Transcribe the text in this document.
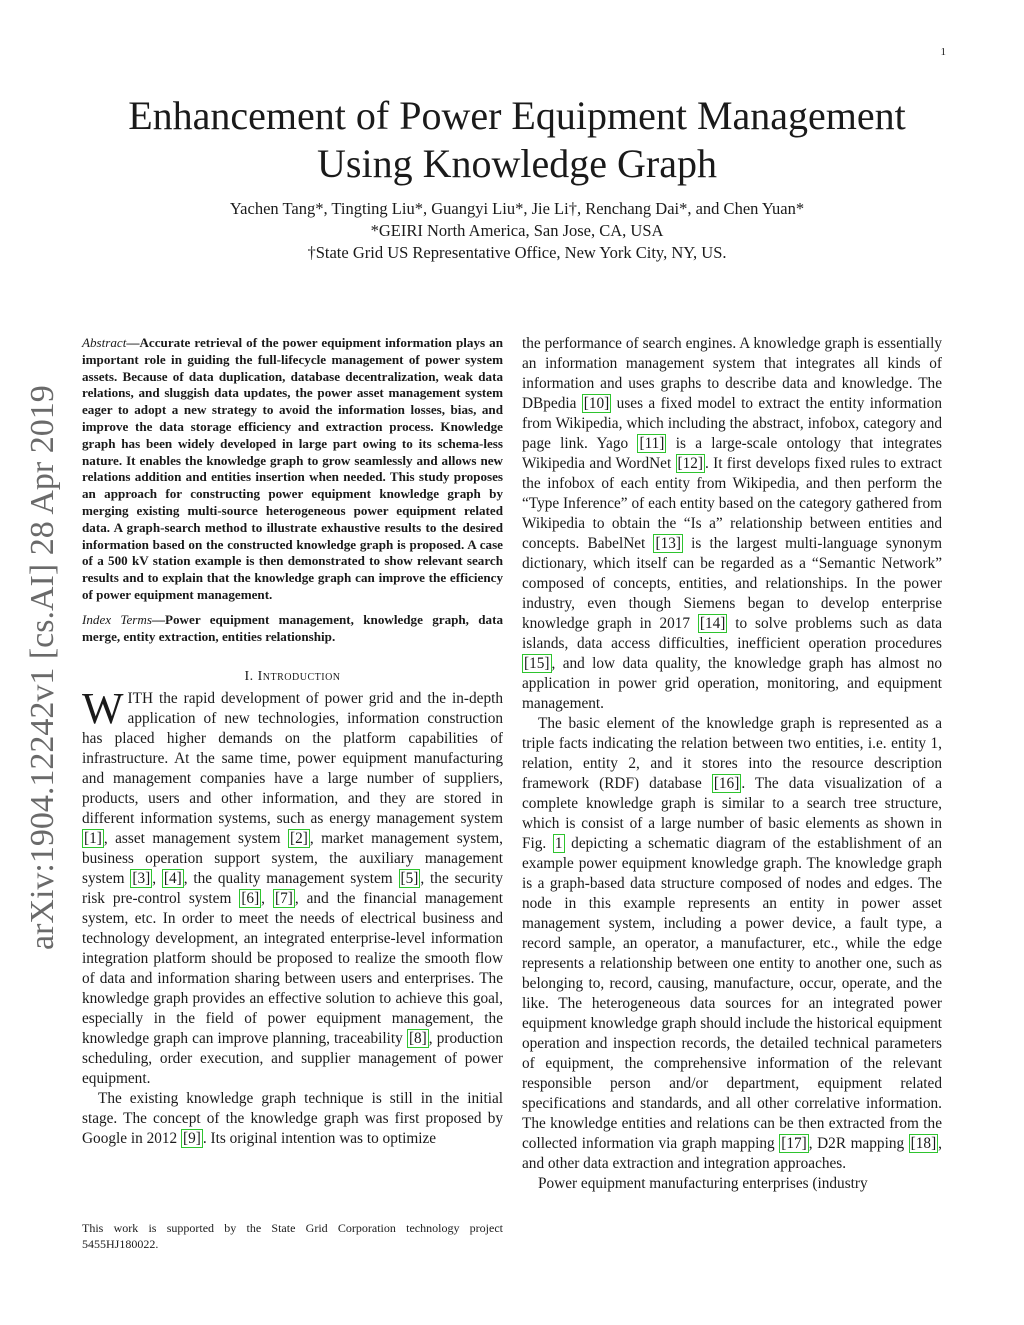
1
Enhancement of Power Equipment Management
Using Knowledge Graph
Yachen Tang*, Tingting Liu*, Guangyi Liu*, Jie Li†, Renchang Dai*, and Chen Yuan*
*GEIRI North America, San Jose, CA, USA
†State Grid US Representative Office, New York City, NY, US.
arXiv:1904.12242v1 [cs.AI] 28 Apr 2019

Abstract—Accurate retrieval of the power equipment information plays an important role in guiding the full-lifecycle management of power system assets. Because of data duplication, database decentralization, weak data relations, and sluggish data updates, the power asset management system eager to adopt a new strategy to avoid the information losses, bias, and improve the data storage efficiency and extraction process. Knowledge graph has been widely developed in large part owing to its schema-less nature. It enables the knowledge graph to grow seamlessly and allows new relations addition and entities insertion when needed. This study proposes an approach for constructing power equipment knowledge graph by merging existing multi-source heterogeneous power equipment related data. A graph-search method to illustrate exhaustive results to the desired information based on the constructed knowledge graph is proposed. A case of a 500 kV station example is then demonstrated to show relevant search results and to explain that the knowledge graph can improve the efficiency of power equipment management.

Index Terms—Power equipment management, knowledge graph, data merge, entity extraction, entities relationship.

I. Introduction

WITH the rapid development of power grid and the in-depth application of new technologies, information construction has placed higher demands on the platform capabilities of infrastructure. At the same time, power equipment manufacturing and management companies have a large number of suppliers, products, users and other information, and they are stored in different information systems, such as energy management system [1] , asset management system [2] , market management system, business operation support system, the auxiliary management system [3] , [4] , the quality management system [5] , the security risk pre-control system [6] , [7] , and the financial management system, etc. In order to meet the needs of electrical business and technology development, an integrated enterprise-level information integration platform should be proposed to realize the smooth flow of data and information sharing between users and enterprises. The knowledge graph provides an effective solution to achieve this goal, especially in the field of power equipment management, the knowledge graph can improve planning, traceability [8] , production scheduling, order execution, and supplier management of power equipment.

The existing knowledge graph technique is still in the initial stage. The concept of the knowledge graph was first proposed by Google in 2012 [9] . Its original intention was to optimize

This work is supported by the State Grid Corporation technology project 5455HJ180022.

the performance of search engines. A knowledge graph is essentially an information management system that integrates all kinds of information and uses graphs to describe data and knowledge. The DBpedia [10] uses a fixed model to extract the entity information from Wikipedia, which including the abstract, infobox, category and page link. Yago [11] is a large-scale ontology that integrates Wikipedia and WordNet [12] . It first develops fixed rules to extract the infobox of each entity from Wikipedia, and then perform the “Type Inference” of each entity based on the category gathered from Wikipedia to obtain the “Is a” relationship between entities and concepts. BabelNet [13] is the largest multi-language synonym dictionary, which itself can be regarded as a “Semantic Network” composed of concepts, entities, and relationships. In the power industry, even though Siemens began to develop enterprise knowledge graph in 2017 [14] to solve problems such as data islands, data access difficulties, inefficient operation procedures [15] , and low data quality, the knowledge graph has almost no application in power grid operation, monitoring, and equipment management.

The basic element of the knowledge graph is represented as a triple facts indicating the relation between two entities, i.e. entity 1, relation, entity 2, and it stores into the resource description framework (RDF) database [16] . The data visualization of a complete knowledge graph is similar to a search tree structure, which is consist of a large number of basic elements as shown in Fig. 1 depicting a schematic diagram of the establishment of an example power equipment knowledge graph. The knowledge graph is a graph-based data structure composed of nodes and edges. The node in this example represents an entity in power asset management system, including a power device, a fault type, a record sample, an operator, a manufacturer, etc., while the edge represents a relationship between one entity to another one, such as belonging to, record, causing, manufacture, occur, operate, and the like. The heterogeneous data sources for an integrated power equipment knowledge graph should include the historical equipment operation and inspection records, the detailed technical parameters of equipment, the comprehensive information of the relevant responsible person and/or department, equipment related specifications and standards, and all other correlative information. The knowledge entities and relations can be then extracted from the collected information via graph mapping [17] , D2R mapping [18] , and other data extraction and integration approaches.

Power equipment manufacturing enterprises (industry
